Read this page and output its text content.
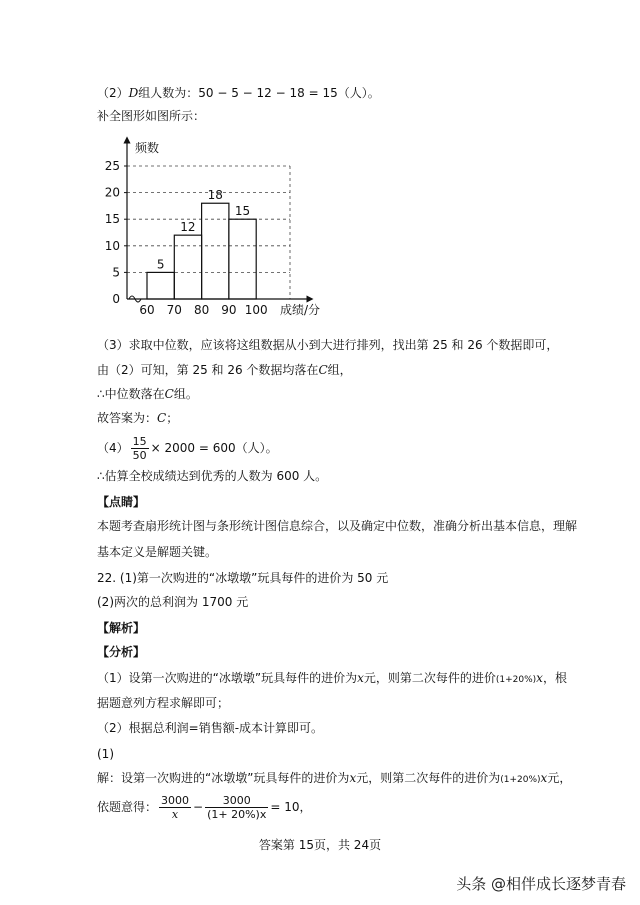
（2）D组人数为：50 − 5 − 12 − 18 = 15（人）。
补全图形如图所示：
0
5
10
15
20
25
5
12
18
15
60 70 80 90 100
频数
成绩/分
（3）求取中位数，应该将这组数据从小到大进行排列，找出第 25 和 26 个数据即可，
由（2）可知，第 25 和 26 个数据均落在C组，
∴中位数落在C组。
故答案为：C；
$(4) \frac{15}{50} \times 2000 = 600$（人）。
∴估算全校成绩达到优秀的人数为 600 人。
【点睛】
本题考查扇形统计图与条形统计图信息综合，以及确定中位数，准确分析出基本信息，理解
基本定义是解题关键。
22. (1)第一次购进的“冰墩墩”玩具每件的进价为 50 元
(2)两次的总利润为 1700 元
【解析】
【分析】
（1）设第一次购进的“冰墩墩”玩具每件的进价为x元，则第二次每件的进价(1+20%)x，根
据题意列方程求解即可；
（2）根据总利润=销售额-成本计算即可。
(1)
解：设第一次购进的“冰墩墩”玩具每件的进价为x元，则第二次每件的进价为(1+20%)x元，
依题意得： $\frac{3000}{x} - \frac{3000}{(1+ 20\%)x} = 10$，
答案第 15页，共 24页
头条 @相伴成长逐梦青春
